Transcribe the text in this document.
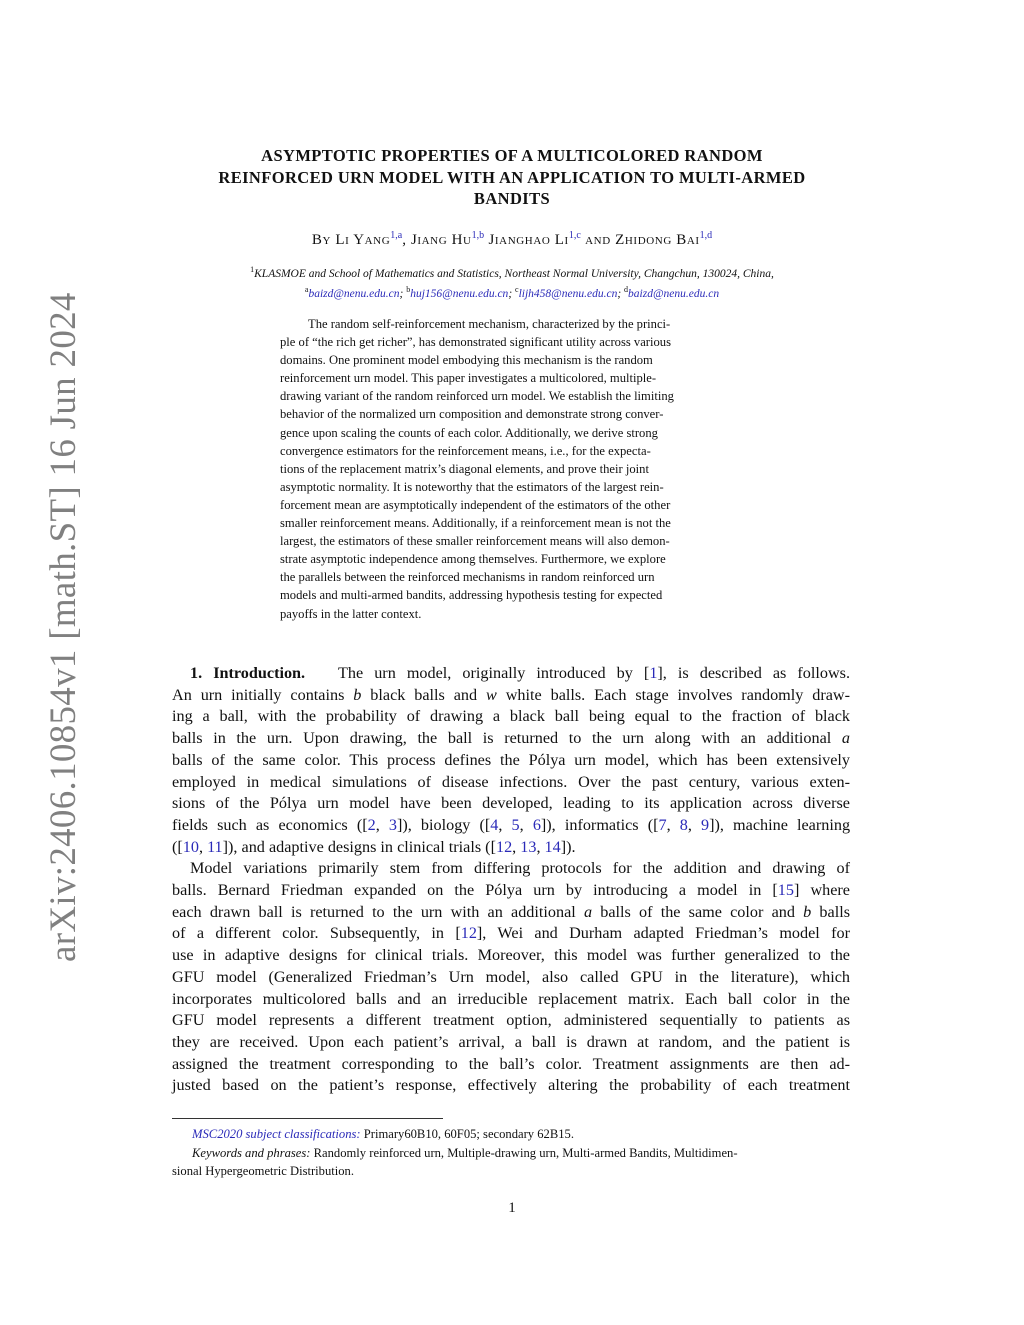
arXiv:2406.10854v1 [math.ST] 16 Jun 2024
ASYMPTOTIC PROPERTIES OF A MULTICOLORED RANDOM
REINFORCED URN MODEL WITH AN APPLICATION TO MULTI-ARMED
BANDITS
By Li Yang$^{1,a}$, Jiang Hu$^{1,b}$ Jianghao Li$^{1,c}$ and Zhidong Bai$^{1,d}$
$^1$KLASMOE and School of Mathematics and Statistics, Northeast Normal University, Changchun, 130024, China,
$^a$baizd@nenu.edu.cn; $^b$huj156@nenu.edu.cn; $^c$lijh458@nenu.edu.cn; $^d$baizd@nenu.edu.cn
The random self-reinforcement mechanism, characterized by the princi-
ple of “the rich get richer”, has demonstrated significant utility across various
domains. One prominent model embodying this mechanism is the random
reinforcement urn model. This paper investigates a multicolored, multiple-
drawing variant of the random reinforced urn model. We establish the limiting
behavior of the normalized urn composition and demonstrate strong conver-
gence upon scaling the counts of each color. Additionally, we derive strong
convergence estimators for the reinforcement means, i.e., for the expecta-
tions of the replacement matrix’s diagonal elements, and prove their joint
asymptotic normality. It is noteworthy that the estimators of the largest rein-
forcement mean are asymptotically independent of the estimators of the other
smaller reinforcement means. Additionally, if a reinforcement mean is not the
largest, the estimators of these smaller reinforcement means will also demon-
strate asymptotic independence among themselves. Furthermore, we explore
the parallels between the reinforced mechanisms in random reinforced urn
models and multi-armed bandits, addressing hypothesis testing for expected
payoffs in the latter context.
1. Introduction. The urn model, originally introduced by [1], is described as follows.
An urn initially contains b black balls and w white balls. Each stage involves randomly draw-
ing a ball, with the probability of drawing a black ball being equal to the fraction of black
balls in the urn. Upon drawing, the ball is returned to the urn along with an additional a
balls of the same color. This process defines the Pólya urn model, which has been extensively
employed in medical simulations of disease infections. Over the past century, various exten-
sions of the Pólya urn model have been developed, leading to its application across diverse
fields such as economics ([2, 3]), biology ([4, 5, 6]), informatics ([7, 8, 9]), machine learning
([10, 11]), and adaptive designs in clinical trials ([12, 13, 14]).
Model variations primarily stem from differing protocols for the addition and drawing of
balls. Bernard Friedman expanded on the Pólya urn by introducing a model in [15] where
each drawn ball is returned to the urn with an additional a balls of the same color and b balls
of a different color. Subsequently, in [12], Wei and Durham adapted Friedman’s model for
use in adaptive designs for clinical trials. Moreover, this model was further generalized to the
GFU model (Generalized Friedman’s Urn model, also called GPU in the literature), which
incorporates multicolored balls and an irreducible replacement matrix. Each ball color in the
GFU model represents a different treatment option, administered sequentially to patients as
they are received. Upon each patient’s arrival, a ball is drawn at random, and the patient is
assigned the treatment corresponding to the ball’s color. Treatment assignments are then ad-
justed based on the patient’s response, effectively altering the probability of each treatment
MSC2020 subject classifications: Primary60B10, 60F05; secondary 62B15.
Keywords and phrases: Randomly reinforced urn, Multiple-drawing urn, Multi-armed Bandits, Multidimen-
sional Hypergeometric Distribution.
1
